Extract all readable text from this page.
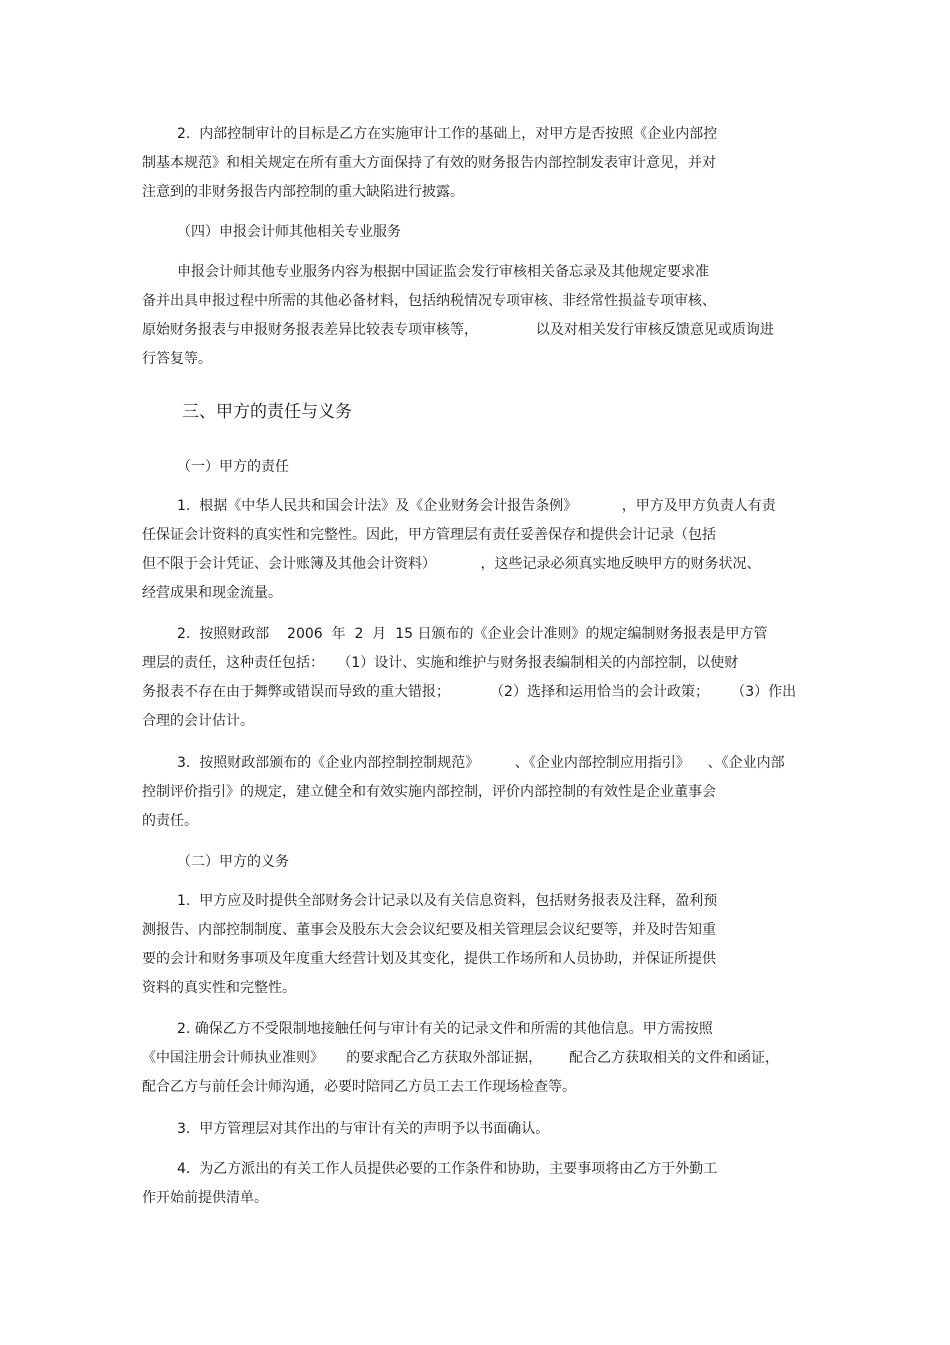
2.  内部控制审计的目标是乙方在实施审计工作的基础上，对甲方是否按照《企业内部控
制基本规范》和相关规定在所有重大方面保持了有效的财务报告内部控制发表审计意见，并对
注意到的非财务报告内部控制的重大缺陷进行披露。
（四）申报会计师其他相关专业服务
申报会计师其他专业服务内容为根据中国证监会发行审核相关备忘录及其他规定要求准
备并出具申报过程中所需的其他必备材料，包括纳税情况专项审核、非经常性损益专项审核、
原始财务报表与申报财务报表差异比较表专项审核等，             以及对相关发行审核反馈意见或质询进
行答复等。
三、甲方的责任与义务
（一）甲方的责任
1.  根据《中华人民共和国会计法》及《企业财务会计报告条例》          ，甲方及甲方负责人有责
任保证会计资料的真实性和完整性。因此，甲方管理层有责任妥善保存和提供会计记录（包括
但不限于会计凭证、会计账簿及其他会计资料）          ，这些记录必须真实地反映甲方的财务状况、
经营成果和现金流量。
2.  按照财政部    2006  年  2  月  15 日颁布的《企业会计准则》的规定编制财务报表是甲方管
理层的责任，这种责任包括：   （1）设计、实施和维护与财务报表编制相关的内部控制，以使财
务报表不存在由于舞弊或错误而导致的重大错报；         （2）选择和运用恰当的会计政策；     （3）作出
合理的会计估计。
3.  按照财政部颁布的《企业内部控制控制规范》        、《企业内部控制应用指引》    、《企业内部
控制评价指引》的规定，建立健全和有效实施内部控制，评价内部控制的有效性是企业董事会
的责任。
（二）甲方的义务
1.  甲方应及时提供全部财务会计记录以及有关信息资料，包括财务报表及注释，盈利预
测报告、内部控制制度、董事会及股东大会会议纪要及相关管理层会议纪要等，并及时告知重
要的会计和财务事项及年度重大经营计划及其变化，提供工作场所和人员协助，并保证所提供
资料的真实性和完整性。
2. 确保乙方不受限制地接触任何与审计有关的记录文件和所需的其他信息。甲方需按照
《中国注册会计师执业准则》     的要求配合乙方获取外部证据，      配合乙方获取相关的文件和函证，
配合乙方与前任会计师沟通，必要时陪同乙方员工去工作现场检查等。
3.  甲方管理层对其作出的与审计有关的声明予以书面确认。
4.  为乙方派出的有关工作人员提供必要的工作条件和协助，主要事项将由乙方于外勤工
作开始前提供清单。
